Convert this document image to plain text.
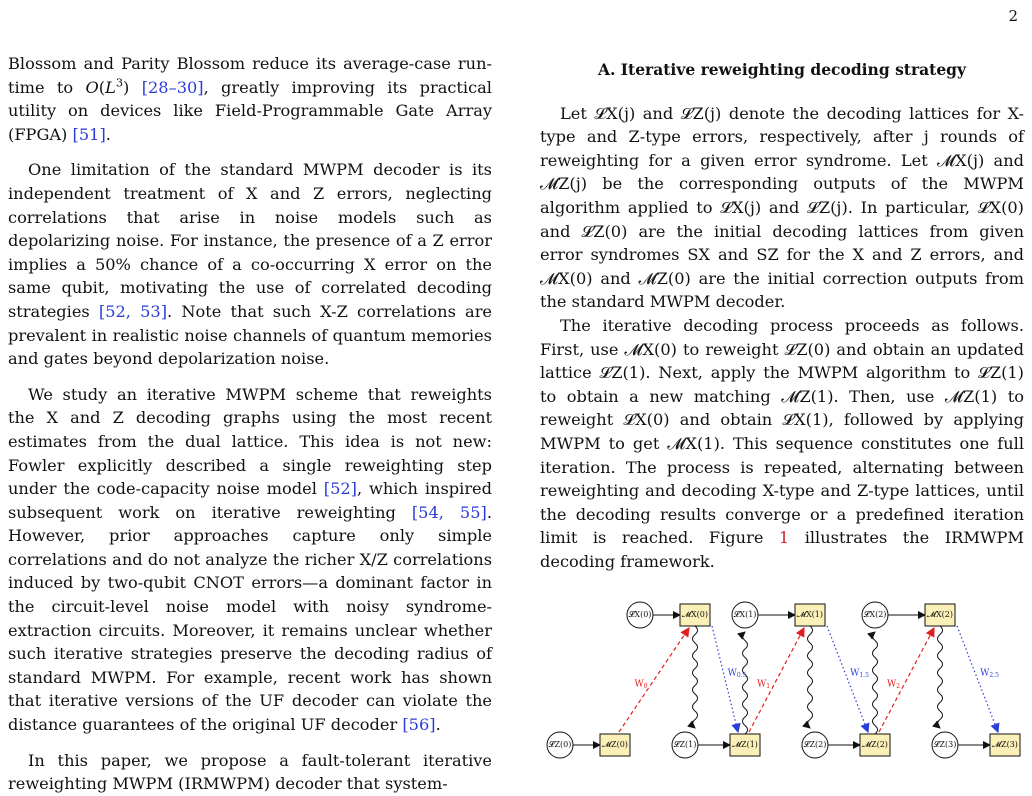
2

Blossom and Parity Blossom reduce its average-case run-time to $O(L^3)$ [28–30], greatly improving its practical utility on devices like Field-Programmable Gate Array (FPGA) [51].

One limitation of the standard MWPM decoder is its independent treatment of X and Z errors, neglecting correlations that arise in noise models such as depolarizing noise. For instance, the presence of a Z error implies a 50% chance of a co-occurring X error on the same qubit, motivating the use of correlated decoding strategies [52, 53]. Note that such X-Z correlations are prevalent in realistic noise channels of quantum memories and gates beyond depolarization noise.

We study an iterative MWPM scheme that reweights the X and Z decoding graphs using the most recent estimates from the dual lattice. This idea is not new: Fowler explicitly described a single reweighting step under the code-capacity noise model [52], which inspired subsequent work on iterative reweighting [54, 55]. However, prior approaches capture only simple correlations and do not analyze the richer X/Z correlations induced by two-qubit CNOT errors—a dominant factor in the circuit-level noise model with noisy syndrome-extraction circuits. Moreover, it remains unclear whether such iterative strategies preserve the decoding radius of standard MWPM. For example, recent work has shown that iterative versions of the UF decoder can violate the distance guarantees of the original UF decoder [56].

In this paper, we propose a fault-tolerant iterative reweighting MWPM (IRMWPM) decoder that system-

A. Iterative reweighting decoding strategy

Let 𝓛X(j) and 𝓛Z(j) denote the decoding lattices for X-type and Z-type errors, respectively, after j rounds of reweighting for a given error syndrome. Let 𝓜X(j) and 𝓜Z(j) be the corresponding outputs of the MWPM algorithm applied to 𝓛X(j) and 𝓛Z(j). In particular, 𝓛X(0) and 𝓛Z(0) are the initial decoding lattices from given error syndromes SX and SZ for the X and Z errors, and 𝓜X(0) and 𝓜Z(0) are the initial correction outputs from the standard MWPM decoder.

The iterative decoding process proceeds as follows. First, use 𝓜X(0) to reweight 𝓛Z(0) and obtain an updated lattice 𝓛Z(1). Next, apply the MWPM algorithm to 𝓛Z(1) to obtain a new matching 𝓜Z(1). Then, use 𝓜Z(1) to reweight 𝓛X(0) and obtain 𝓛X(1), followed by applying MWPM to get 𝓜X(1). This sequence constitutes one full iteration. The process is repeated, alternating between reweighting and decoding X-type and Z-type lattices, until the decoding results converge or a predefined iteration limit is reached. Figure 1 illustrates the IRMWPM decoding framework.

$W_0$	$W_1$	$W_2$
$W_{0.5}$	$W_{1.5}$	$W_{2.5}$
𝓛X(0)	𝓛X(1)	𝓛X(2)
𝓜X(0)	𝓜X(1)	𝓜X(2)
𝓛Z(0)	𝓛Z(1)	𝓛Z(2)	𝓛Z(3)
𝓜Z(0)	𝓜Z(1)	𝓜Z(2)	𝓜Z(3)
